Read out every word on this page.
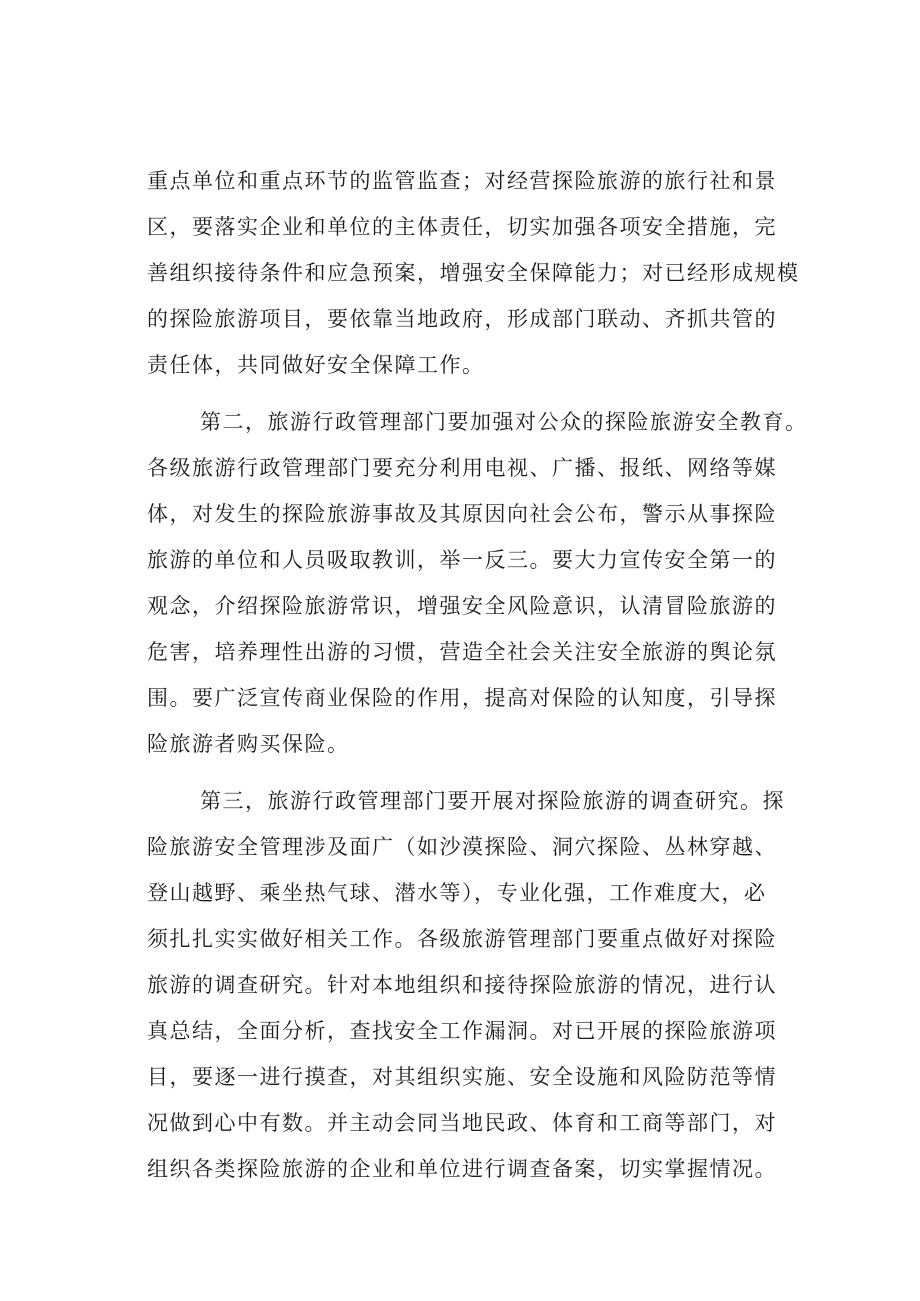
重点单位和重点环节的监管监查；对经营探险旅游的旅行社和景
区，要落实企业和单位的主体责任，切实加强各项安全措施，完
善组织接待条件和应急预案，增强安全保障能力；对已经形成规模
的探险旅游项目，要依靠当地政府，形成部门联动、齐抓共管的
责任体，共同做好安全保障工作。
第二，旅游行政管理部门要加强对公众的探险旅游安全教育。
各级旅游行政管理部门要充分利用电视、广播、报纸、网络等媒
体，对发生的探险旅游事故及其原因向社会公布，警示从事探险
旅游的单位和人员吸取教训，举一反三。要大力宣传安全第一的
观念，介绍探险旅游常识，增强安全风险意识，认清冒险旅游的
危害，培养理性出游的习惯，营造全社会关注安全旅游的舆论氛
围。要广泛宣传商业保险的作用，提高对保险的认知度，引导探
险旅游者购买保险。
第三，旅游行政管理部门要开展对探险旅游的调查研究。探
险旅游安全管理涉及面广（如沙漠探险、洞穴探险、丛林穿越、
登山越野、乘坐热气球、潜水等），专业化强，工作难度大，必
须扎扎实实做好相关工作。各级旅游管理部门要重点做好对探险
旅游的调查研究。针对本地组织和接待探险旅游的情况，进行认
真总结，全面分析，查找安全工作漏洞。对已开展的探险旅游项
目，要逐一进行摸查，对其组织实施、安全设施和风险防范等情
况做到心中有数。并主动会同当地民政、体育和工商等部门，对
组织各类探险旅游的企业和单位进行调查备案，切实掌握情况。
